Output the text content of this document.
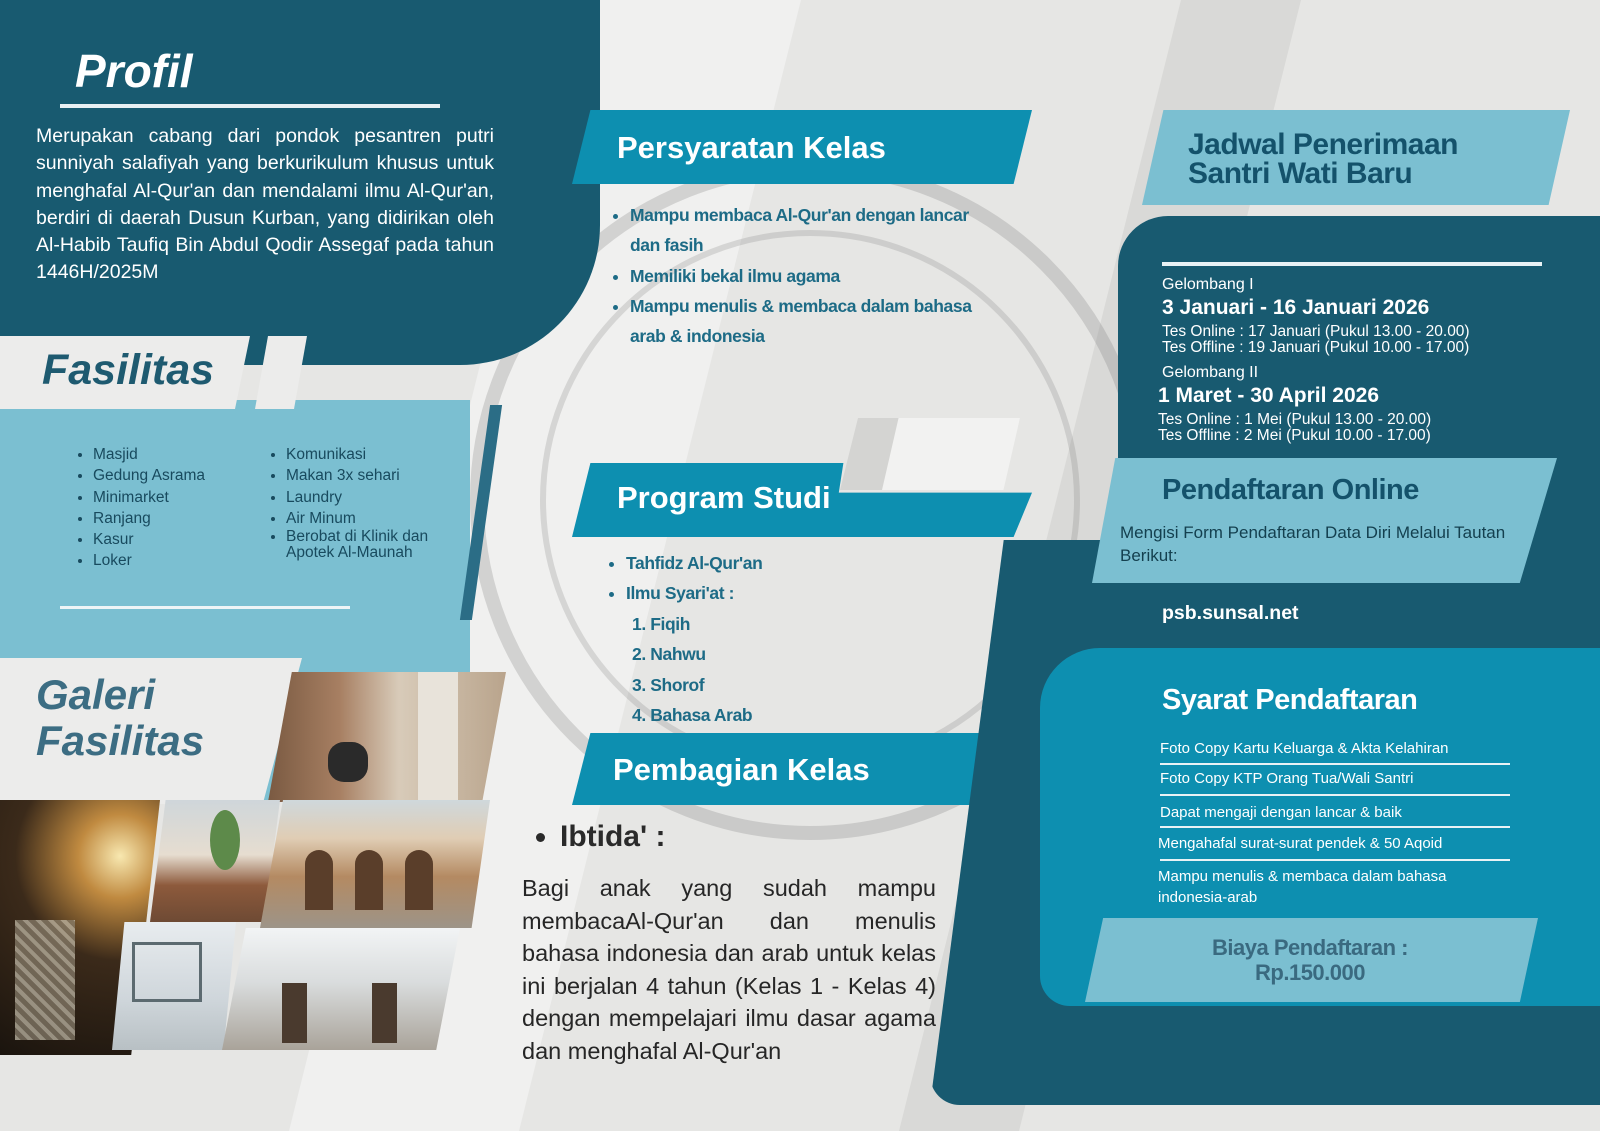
Profil
Merupakan cabang dari pondok pesantren putri sunniyah salafiyah yang berkurikulum khusus untuk menghafal Al-Qur'an dan mendalami ilmu Al-Qur'an, berdiri di daerah Dusun Kurban, yang didirikan oleh Al-Habib Taufiq Bin Abdul Qodir Assegaf pada tahun 1446H/2025M
Fasilitas
• Masjid
• Gedung Asrama
• Minimarket
• Ranjang
• Kasur
• Loker
• Komunikasi
• Makan 3x sehari
• Laundry
• Air Minum
• Berobat di Klinik dan Apotek Al-Maunah
Galeri
Fasilitas
Persyaratan Kelas
• Mampu membaca Al-Qur'an dengan lancar dan fasih
• Memiliki bekal ilmu agama
• Mampu menulis & membaca dalam bahasa arab & indonesia
Program Studi
• Tahfidz Al-Qur'an
• Ilmu Syari'at :
1. Fiqih
2. Nahwu
3. Shorof
4. Bahasa Arab
Pembagian Kelas
• Ibtida' :
Bagi anak yang sudah mampu membacaAl-Qur'an dan menulis bahasa indonesia dan arab untuk kelas ini berjalan 4 tahun (Kelas 1 - Kelas 4) dengan mempelajari ilmu dasar agama dan menghafal Al-Qur'an
Jadwal Penerimaan
Santri Wati Baru
Gelombang I
3 Januari - 16 Januari 2026
Tes Online : 17 Januari (Pukul 13.00 - 20.00)
Tes Offline : 19 Januari (Pukul 10.00 - 17.00)
Gelombang II
1 Maret - 30 April 2026
Tes Online : 1 Mei (Pukul 13.00 - 20.00)
Tes Offline : 2 Mei (Pukul 10.00 - 17.00)
Pendaftaran Online
Mengisi Form Pendaftaran Data Diri Melalui Tautan Berikut:
psb.sunsal.net
Syarat Pendaftaran
Foto Copy Kartu Keluarga & Akta Kelahiran
Foto Copy KTP Orang Tua/Wali Santri
Dapat mengaji dengan lancar & baik
Mengahafal surat-surat pendek & 50 Aqoid
Mampu menulis & membaca dalam bahasa indonesia-arab
Biaya Pendaftaran :
Rp.150.000
